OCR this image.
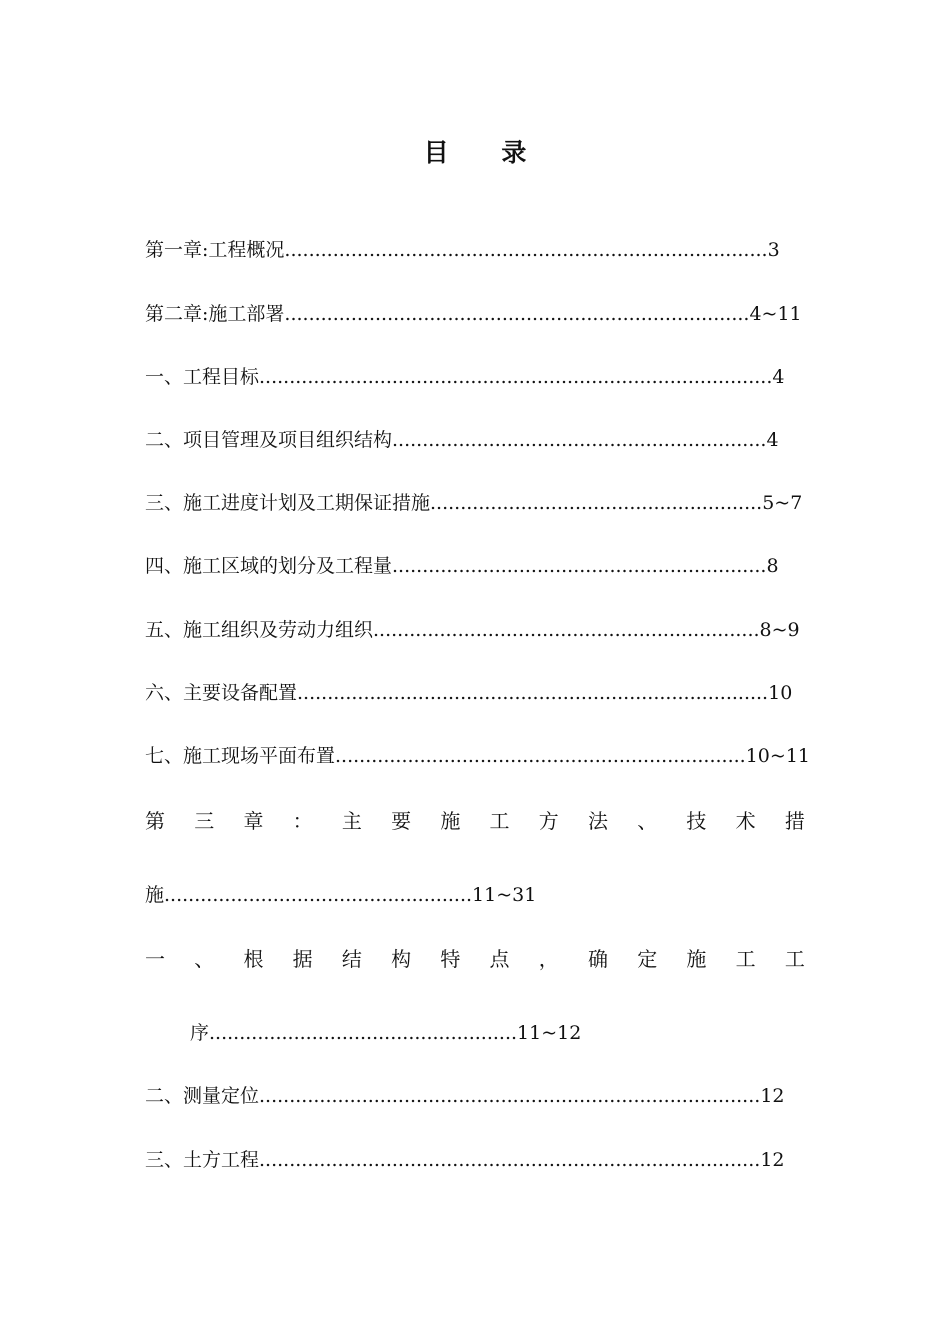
目 录
第一章:工程概况................................................................................3
第二章:施工部署.............................................................................4~11
一、工程目标.....................................................................................4
二、项目管理及项目组织结构..............................................................4
三、施工进度计划及工期保证措施.......................................................5~7
四、施工区域的划分及工程量..............................................................8
五、施工组织及劳动力组织................................................................8~9
六、主要设备配置..............................................................................10
七、施工现场平面布置....................................................................10~11
第 三 章 ： 主 要 施 工 方 法 、 技 术 措
施...................................................11~31
一 、 根 据 结 构 特 点 ， 确 定 施 工 工
序...................................................11~12
二、测量定位...................................................................................12
三、土方工程...................................................................................12
